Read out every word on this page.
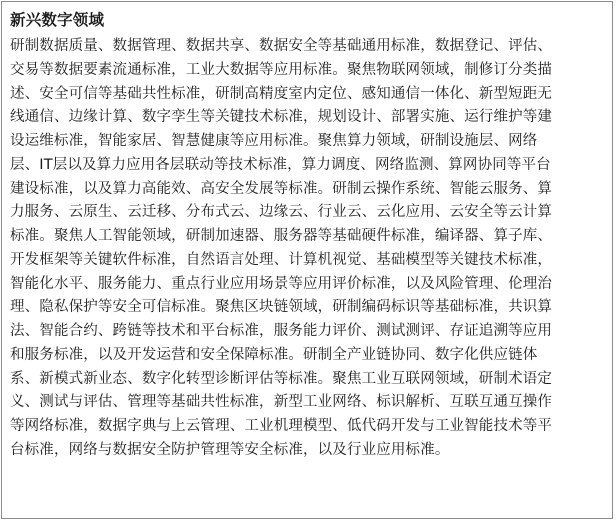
新兴数字领域
研制数据质量、数据管理、数据共享、数据安全等基础通用标准，数据登记、评估、
交易等数据要素流通标准，工业大数据等应用标准。聚焦物联网领域，制修订分类描
述、安全可信等基础共性标准，研制高精度室内定位、感知通信一体化、新型短距无
线通信、边缘计算、数字孪生等关键技术标准，规划设计、部署实施、运行维护等建
设运维标准，智能家居、智慧健康等应用标准。聚焦算力领域，研制设施层、网络
层、IT层以及算力应用各层联动等技术标准，算力调度、网络监测、算网协同等平台
建设标准，以及算力高能效、高安全发展等标准。研制云操作系统、智能云服务、算
力服务、云原生、云迁移、分布式云、边缘云、行业云、云化应用、云安全等云计算
标准。聚焦人工智能领域，研制加速器、服务器等基础硬件标准，编译器、算子库、
开发框架等关键软件标准，自然语言处理、计算机视觉、基础模型等关键技术标准，
智能化水平、服务能力、重点行业应用场景等应用评价标准，以及风险管理、伦理治
理、隐私保护等安全可信标准。聚焦区块链领域，研制编码标识等基础标准，共识算
法、智能合约、跨链等技术和平台标准，服务能力评价、测试测评、存证追溯等应用
和服务标准，以及开发运营和安全保障标准。研制全产业链协同、数字化供应链体
系、新模式新业态、数字化转型诊断评估等标准。聚焦工业互联网领域，研制术语定
义、测试与评估、管理等基础共性标准，新型工业网络、标识解析、互联互通互操作
等网络标准，数据字典与上云管理、工业机理模型、低代码开发与工业智能技术等平
台标准，网络与数据安全防护管理等安全标准，以及行业应用标准。
